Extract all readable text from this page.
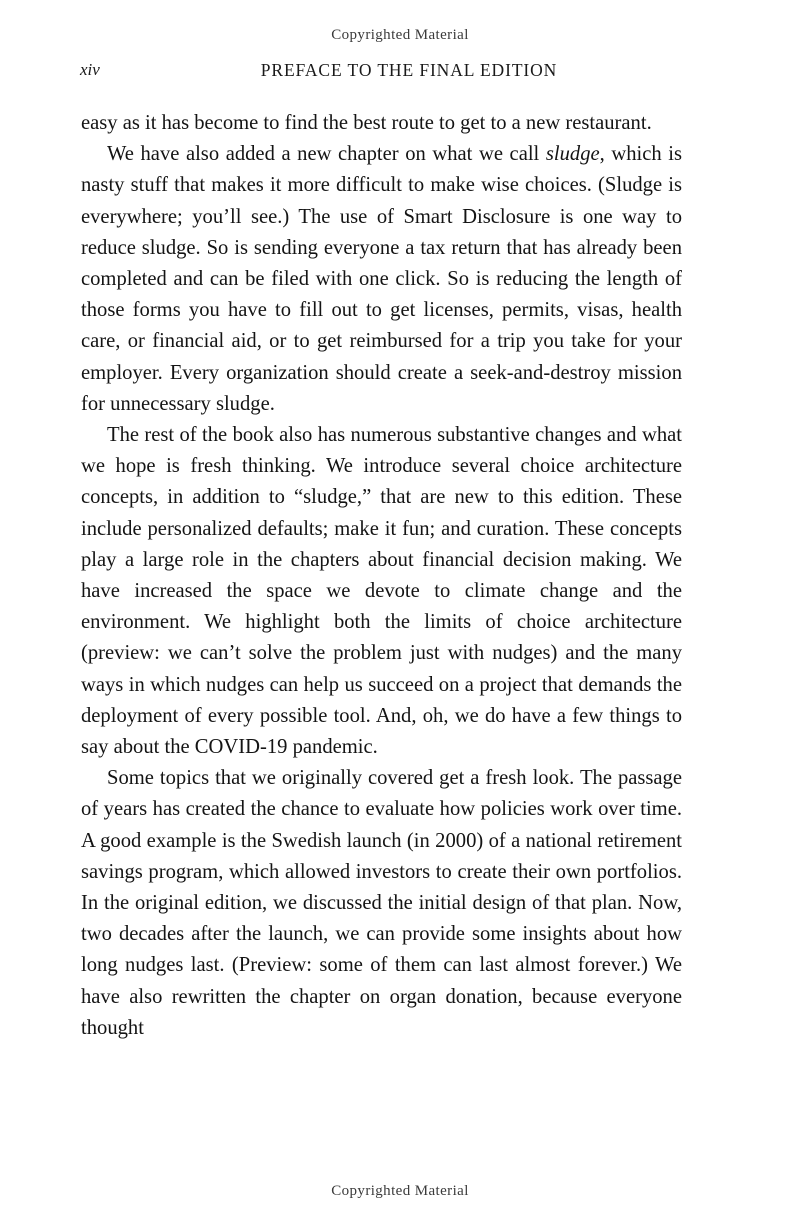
Copyrighted Material
xiv	PREFACE TO THE FINAL EDITION

easy as it has become to find the best route to get to a new restaurant.

We have also added a new chapter on what we call sludge, which is nasty stuff that makes it more difficult to make wise choices. (Sludge is everywhere; you’ll see.) The use of Smart Disclosure is one way to reduce sludge. So is sending everyone a tax return that has already been completed and can be filed with one click. So is reducing the length of those forms you have to fill out to get licenses, permits, visas, health care, or financial aid, or to get reimbursed for a trip you take for your employer. Every organization should create a seek-and-destroy mission for unnecessary sludge.

The rest of the book also has numerous substantive changes and what we hope is fresh thinking. We introduce several choice architecture concepts, in addition to “sludge,” that are new to this edition. These include personalized defaults; make it fun; and curation. These concepts play a large role in the chapters about financial decision making. We have increased the space we devote to climate change and the environment. We highlight both the limits of choice architecture (preview: we can’t solve the problem just with nudges) and the many ways in which nudges can help us succeed on a project that demands the deployment of every possible tool. And, oh, we do have a few things to say about the COVID-19 pandemic.

Some topics that we originally covered get a fresh look. The passage of years has created the chance to evaluate how policies work over time. A good example is the Swedish launch (in 2000) of a national retirement savings program, which allowed investors to create their own portfolios. In the original edition, we discussed the initial design of that plan. Now, two decades after the launch, we can provide some insights about how long nudges last. (Preview: some of them can last almost forever.) We have also rewritten the chapter on organ donation, because everyone thought

Copyrighted Material
